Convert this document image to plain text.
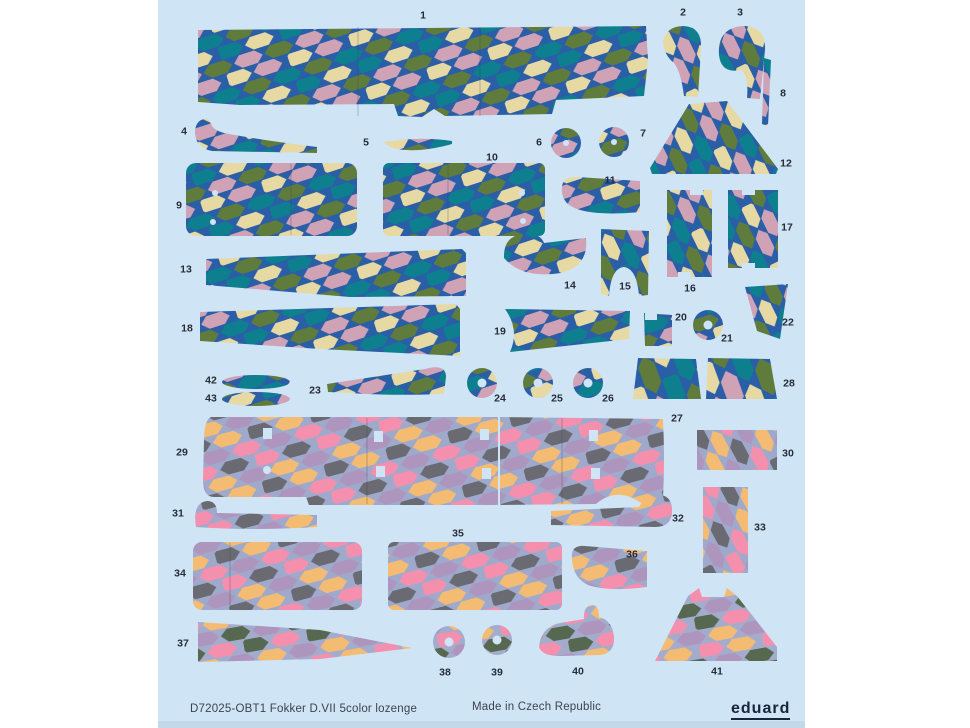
1	2	3
4
5	6
7
8
9
10
11
12
13
14	15	16
17
18	19
20
21
22
23
24	25	26
27
28
29	30
31	32
33
34
35
36
37
38	39	40	41
42
43
D72025-OBT1 Fokker D.VII 5color lozenge	Made in Czech Republic	eduard
